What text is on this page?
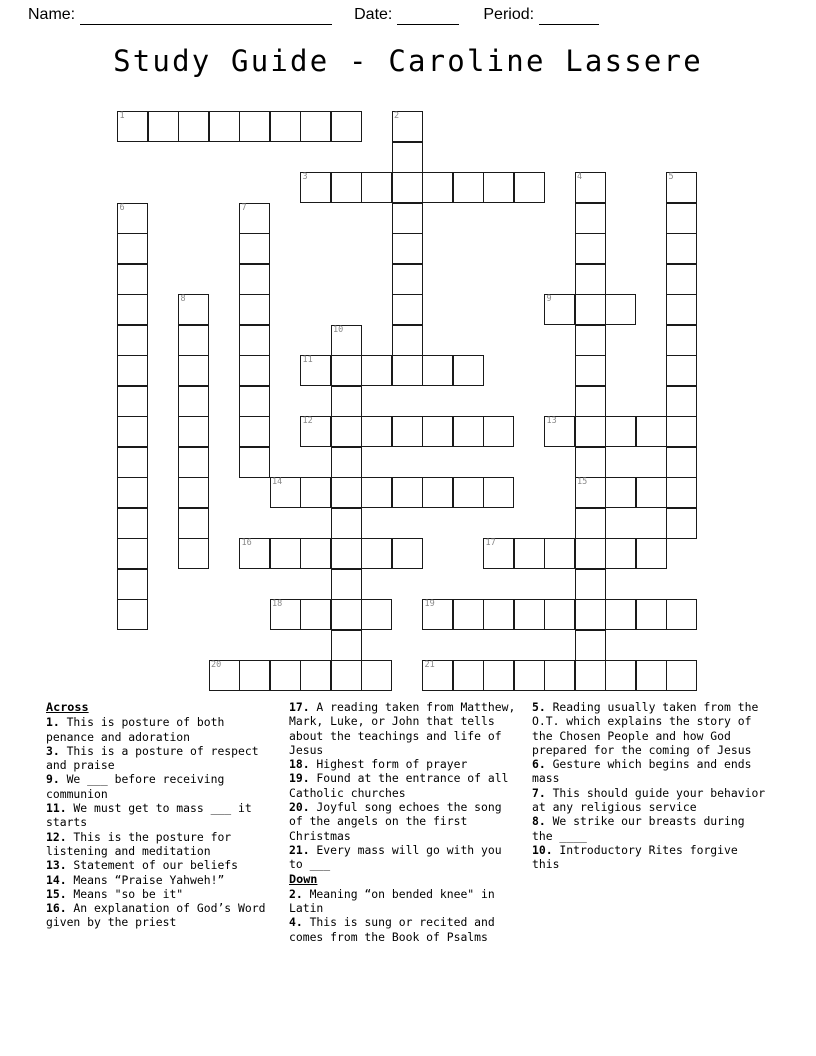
Name:
	Date:
	Period:

Study Guide - Caroline Lassere
1	2
3	4
15
5
6	7
8	9
10
11
12	13
14
16	17
18	19
20	21
Across
1. This is posture of both penance and adoration
3. This is a posture of respect and praise
9. We ___ before receiving communion
11. We must get to mass ___ it starts
12. This is the posture for listening and meditation
13. Statement of our beliefs
14. Means “Praise Yahweh!”
15. Means "so be it"
16. An explanation of God’s Word given by the priest
17. A reading taken from Matthew, Mark, Luke, or John that tells about the teachings and life of Jesus
18. Highest form of prayer
19. Found at the entrance of all Catholic churches
20. Joyful song echoes the song of the angels on the first Christmas
21. Every mass will go with you to ___
Down
2. Meaning “on bended knee" in Latin
4. This is sung or recited and comes from the Book of Psalms
5. Reading usually taken from the O.T. which explains the story of the Chosen People and how God prepared for the coming of Jesus
6. Gesture which begins and ends mass
7. This should guide your behavior at any religious service
8. We strike our breasts during the ____
10. Introductory Rites forgive this
